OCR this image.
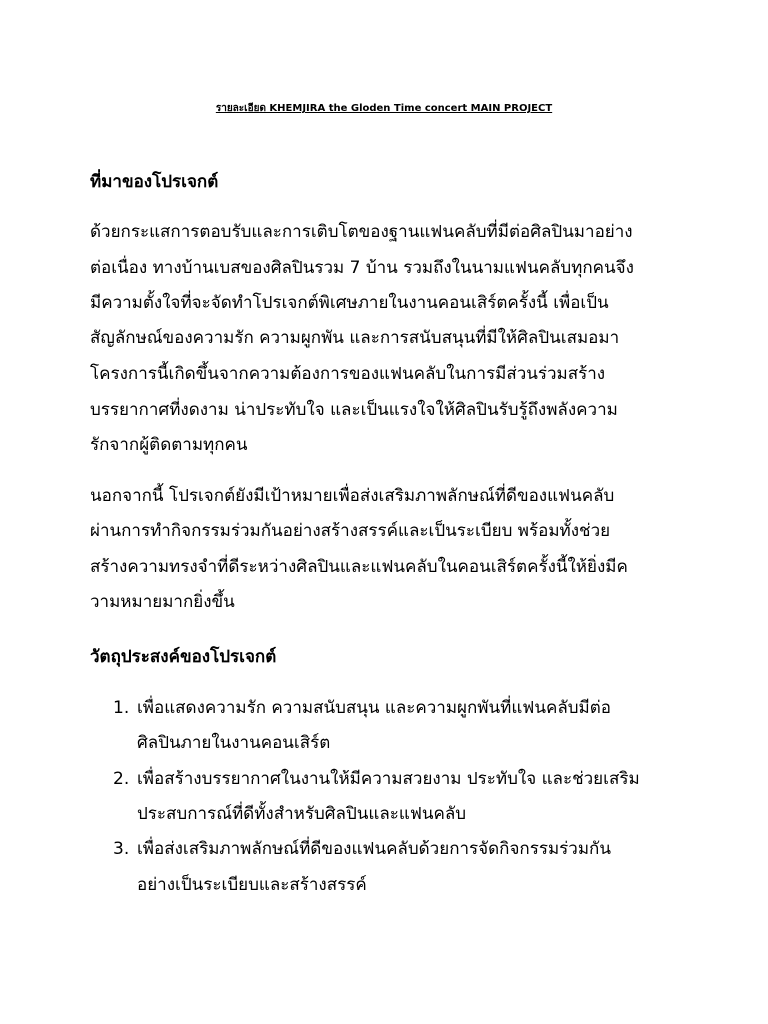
รายละเอียด KHEMJIRA the Gloden Time concert MAIN PROJECT
ที่มาของโปรเจกต์
ด้วยกระแสการตอบรับและการเติบโตของฐานแฟนคลับที่มีต่อศิลปินมาอย่าง
ต่อเนื่อง ทางบ้านเบสของศิลปินรวม 7 บ้าน รวมถึงในนามแฟนคลับทุกคนจึง
มีความตั้งใจที่จะจัดทำโปรเจกต์พิเศษภายในงานคอนเสิร์ตครั้งนี้ เพื่อเป็น
สัญลักษณ์ของความรัก ความผูกพัน และการสนับสนุนที่มีให้ศิลปินเสมอมา
โครงการนี้เกิดขึ้นจากความต้องการของแฟนคลับในการมีส่วนร่วมสร้าง
บรรยากาศที่งดงาม น่าประทับใจ และเป็นแรงใจให้ศิลปินรับรู้ถึงพลังความ
รักจากผู้ติดตามทุกคน
นอกจากนี้ โปรเจกต์ยังมีเป้าหมายเพื่อส่งเสริมภาพลักษณ์ที่ดีของแฟนคลับ
ผ่านการทำกิจกรรมร่วมกันอย่างสร้างสรรค์และเป็นระเบียบ พร้อมทั้งช่วย
สร้างความทรงจำที่ดีระหว่างศิลปินและแฟนคลับในคอนเสิร์ตครั้งนี้ให้ยิ่งมีค
วามหมายมากยิ่งขึ้น
วัตถุประสงค์ของโปรเจกต์
1. เพื่อแสดงความรัก ความสนับสนุน และความผูกพันที่แฟนคลับมีต่อ
ศิลปินภายในงานคอนเสิร์ต
2. เพื่อสร้างบรรยากาศในงานให้มีความสวยงาม ประทับใจ และช่วยเสริม
ประสบการณ์ที่ดีทั้งสำหรับศิลปินและแฟนคลับ
3. เพื่อส่งเสริมภาพลักษณ์ที่ดีของแฟนคลับด้วยการจัดกิจกรรมร่วมกัน
อย่างเป็นระเบียบและสร้างสรรค์
